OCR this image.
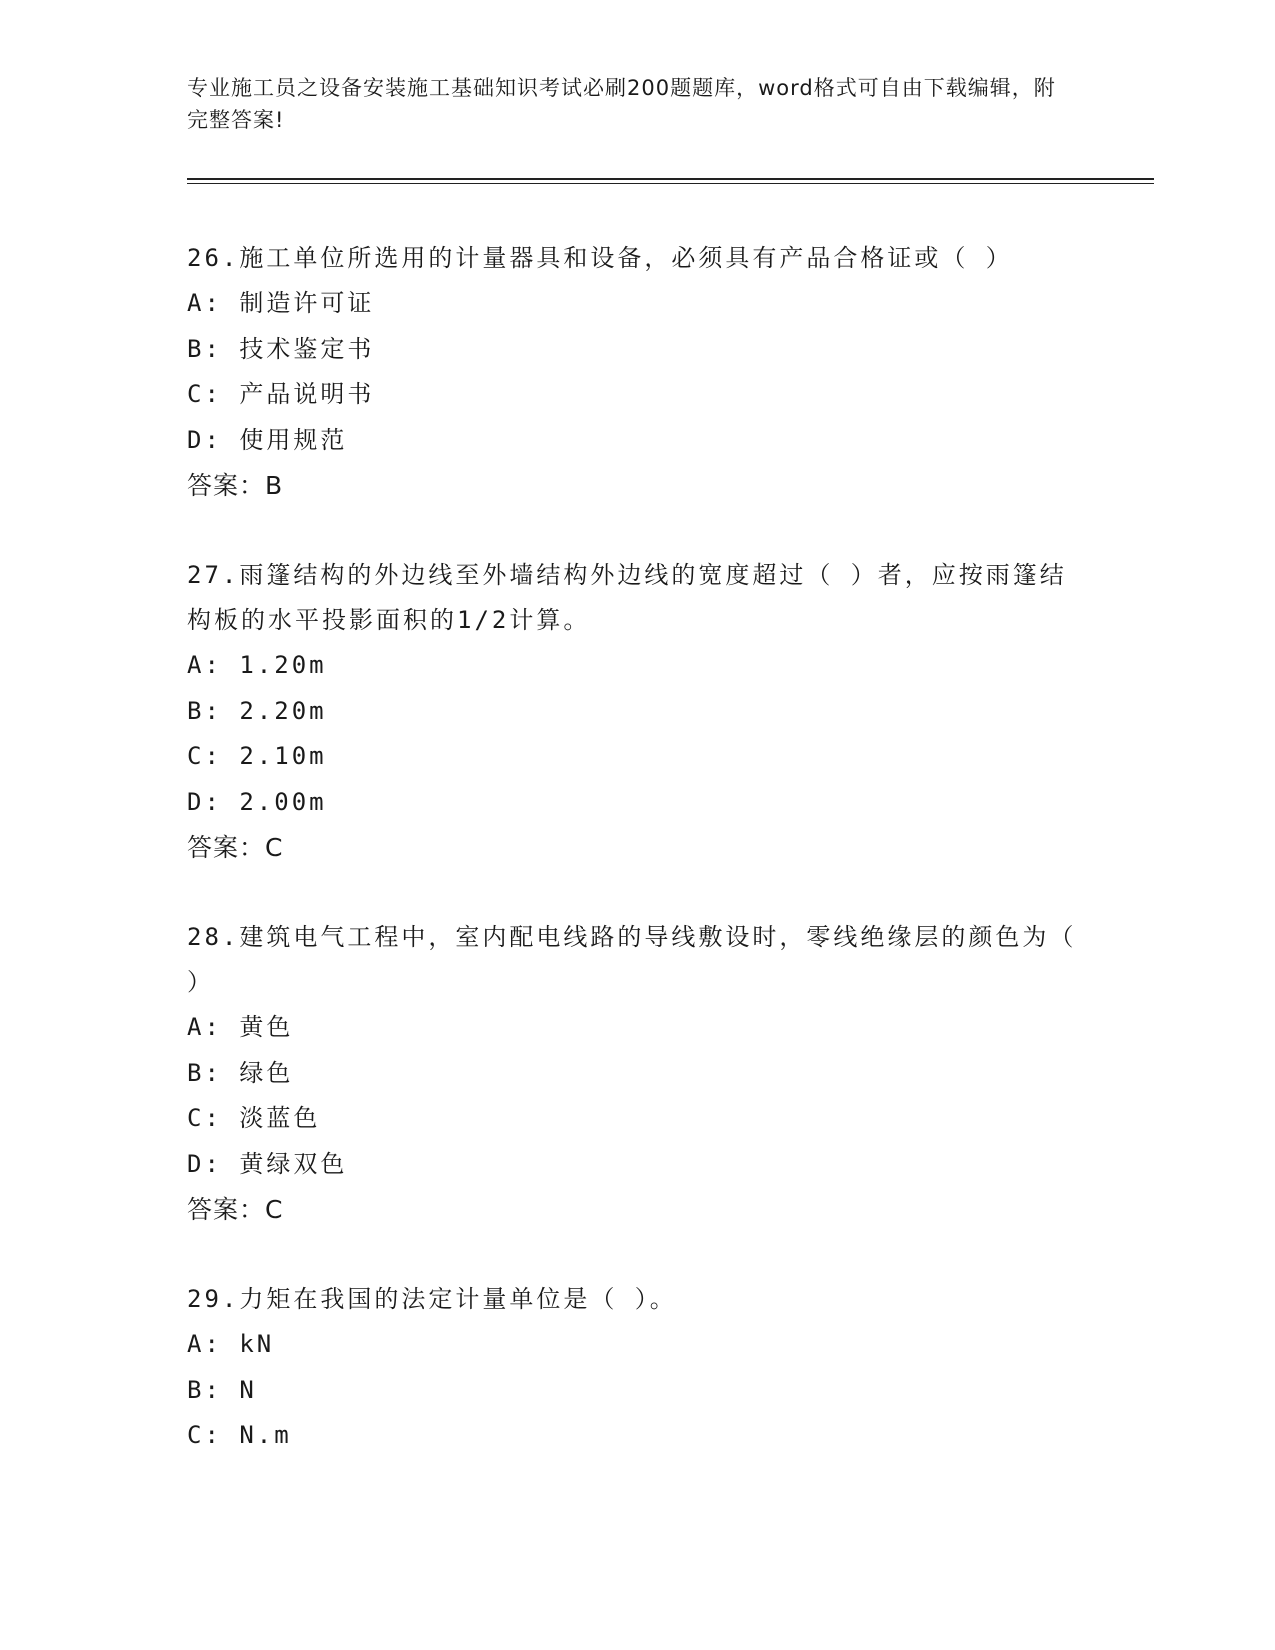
专业施工员之设备安装施工基础知识考试必刷200题题库，word格式可自由下载编辑，附完整答案!
26.施工单位所选用的计量器具和设备，必须具有产品合格证或（ ）
A: 制造许可证
B: 技术鉴定书
C: 产品说明书
D: 使用规范
答案：B
27.雨篷结构的外边线至外墙结构外边线的宽度超过（ ）者，应按雨篷结构板的水平投影面积的1/2计算。
A: 1.20m
B: 2.20m
C: 2.10m
D: 2.00m
答案：C
28.建筑电气工程中，室内配电线路的导线敷设时，零线绝缘层的颜色为（ ）
A: 黄色
B: 绿色
C: 淡蓝色
D: 黄绿双色
答案：C
29.力矩在我国的法定计量单位是（ ）。
A: kN
B: N
C: N.m
